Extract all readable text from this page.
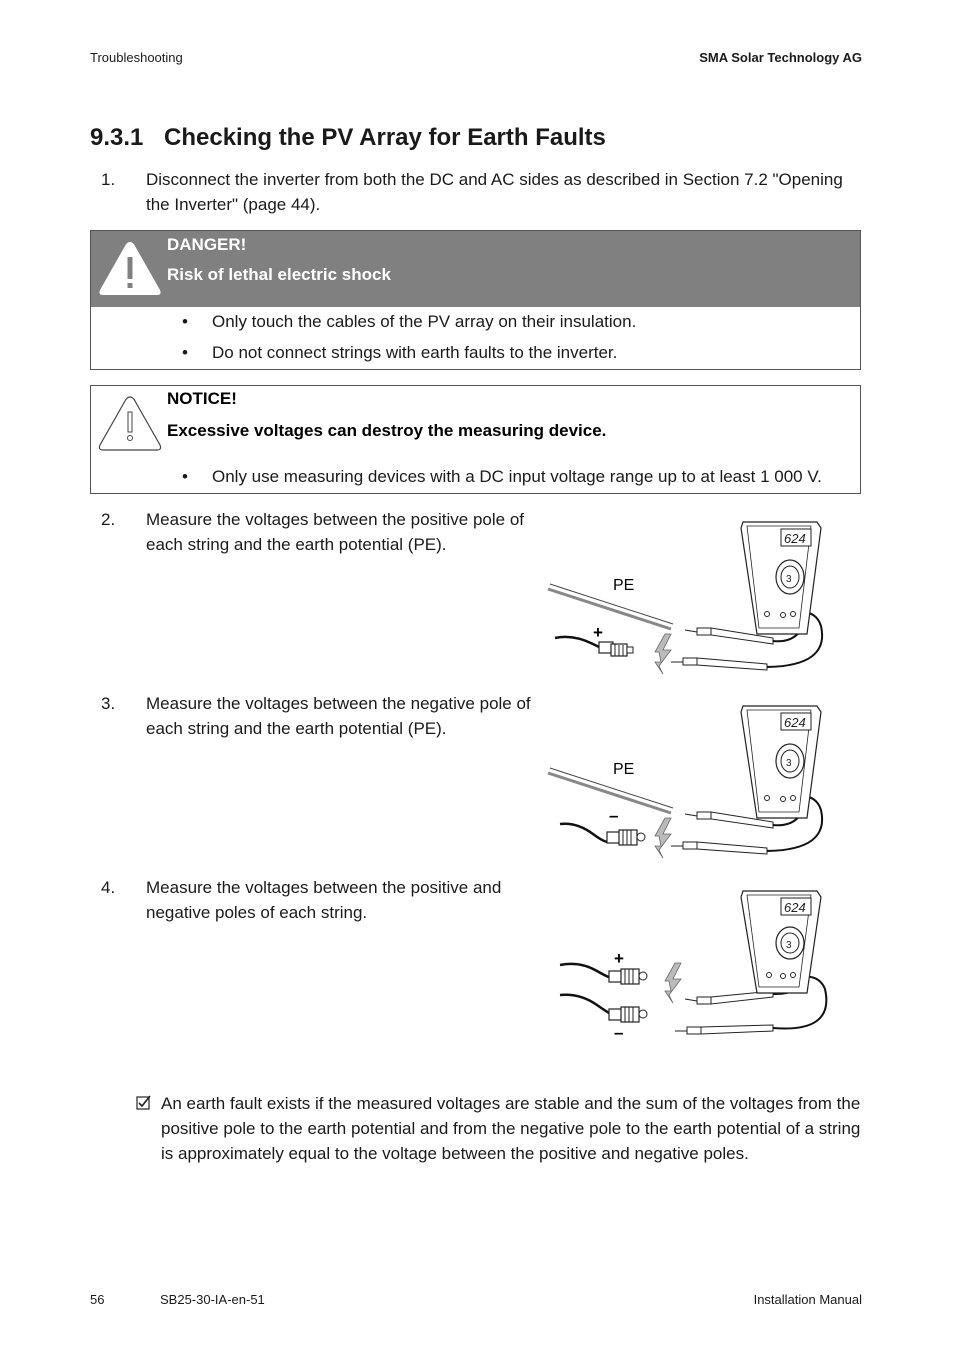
Troubleshooting	SMA Solar Technology AG
9.3.1 Checking the PV Array for Earth Faults
1. Disconnect the inverter from both the DC and AC sides as described in Section 7.2 "Opening the Inverter" (page 44).
DANGER!
Risk of lethal electric shock
• Only touch the cables of the PV array on their insulation.
• Do not connect strings with earth faults to the inverter.
NOTICE!
Excessive voltages can destroy the measuring device.
• Only use measuring devices with a DC input voltage range up to at least 1 000 V.
2. Measure the voltages between the positive pole of each string and the earth potential (PE).
PE
+
624
3
3. Measure the voltages between the negative pole of each string and the earth potential (PE).
PE
–
624
3
4. Measure the voltages between the positive and negative poles of each string.
+
–
624
3
An earth fault exists if the measured voltages are stable and the sum of the voltages from the positive pole to the earth potential and from the negative pole to the earth potential of a string is approximately equal to the voltage between the positive and negative poles.
56	SB25-30-IA-en-51	Installation Manual
